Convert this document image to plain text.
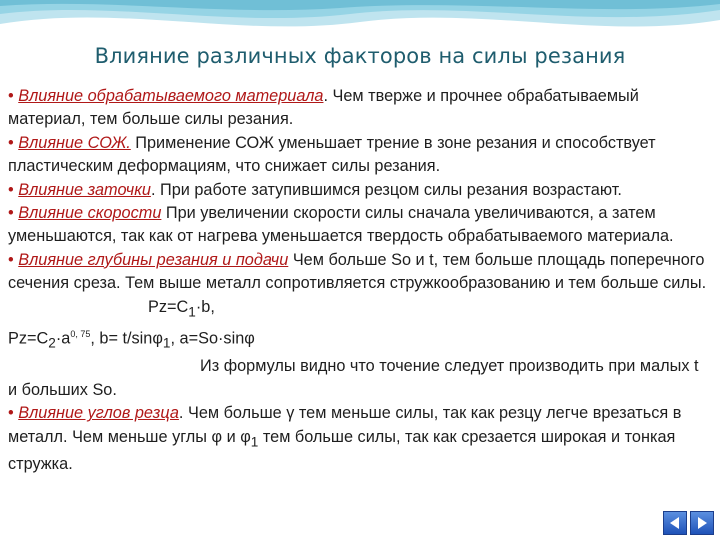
Влияние различных факторов на силы резания

• Влияние обрабатываемого материала. Чем тверже и прочнее обрабатываемый материал, тем больше силы резания.

• Влияние СОЖ. Применение СОЖ уменьшает трение в зоне резания и способствует пластическим деформациям, что снижает силы резания.

• Влияние заточки. При работе затупившимся резцом силы резания возрастают.

• Влияние скорости При увеличении скорости силы сначала увеличиваются, а затем уменьшаются, так как от нагрева уменьшается твердость обрабатываемого материала.

• Влияние глубины резания и подачи Чем больше So и t, тем больше площадь поперечного сечения среза. Тем выше металл сопротивляется стружкообразованию и тем больше $силы.Pz=C_1\cdot b$,

$Pz=C_2\cdot a^{0, 75}$, b= t/sinφ$_1$, a=So·sinφ

Из формулы видно что точение следует производить при малых t и больших So.

• Влияние углов резца. Чем больше γ тем меньше силы, так как резцу легче врезаться в металл. Чем меньше углы φ и $\varphi_1$ тем больше силы, так как срезается широкая и тонкая стружка.
